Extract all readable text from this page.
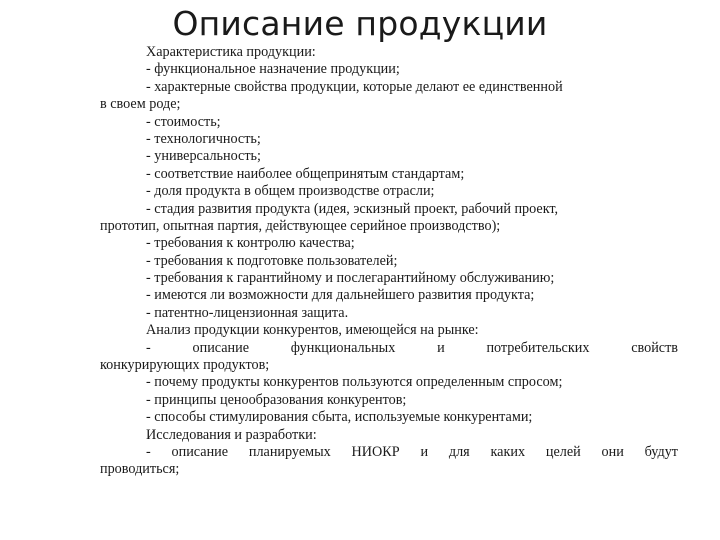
Описание продукции
Характеристика продукции:
- функциональное назначение продукции;
- характерные свойства продукции, которые делают ее единственной
в своем роде;
- стоимость;
- технологичность;
- универсальность;
- соответствие наиболее общепринятым стандартам;
- доля продукта в общем производстве отрасли;
- стадия развития продукта (идея, эскизный проект, рабочий проект,
прототип, опытная партия, действующее серийное производство);
- требования к контролю качества;
- требования к подготовке пользователей;
- требования к гарантийному и послегарантийному обслуживанию;
- имеются ли возможности для дальнейшего развития продукта;
- патентно-лицензионная защита.
Анализ продукции конкурентов, имеющейся на рынке:
- описание функциональных и потребительских свойств
конкурирующих продуктов;
- почему продукты конкурентов пользуются определенным спросом;
- принципы ценообразования конкурентов;
- способы стимулирования сбыта, используемые конкурентами;
Исследования и разработки:
- описание планируемых НИОКР и для каких целей они будут
проводиться;
